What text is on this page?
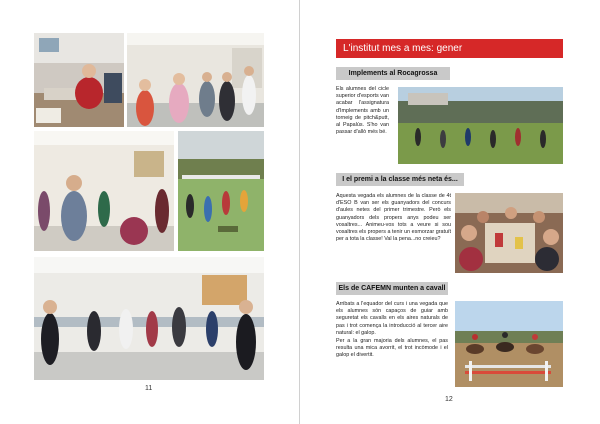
11
L'institut mes a mes: gener
Implements al Rocagrossa

Els alumnes del cicle superior d'esports van acabar l'assignatura d'Implements amb un torneig de pitch&putt, al Papalús. S'ho van passar d'allò més bé.

I el premi a la classe més neta és...

Aquesta vegada els alumnes de la classe de 4t d'ESO B van ser els guanyadors del concurs d'aules netes del primer trimestre. Però els guanyadors dels propers anys podeu ser vosaltres... Animeu-vos tots a veure si sou vosaltres els propers a tenir un esmorzar gratuït per a tota la classe! Val la pena...no creieu?

Els de CAFEMN munten a cavall

Arribats a l'equador del curs i una vegada que els alumnes són capaços de guiar amb seguretat els cavalls en els aires naturals de pas i trot comença la introducció al tercer aire natural: el galop.

Per a la gran majoria dels alumnes, el pas resulta una mica avorrit, el trot incòmode i el galop el divertit.

12
